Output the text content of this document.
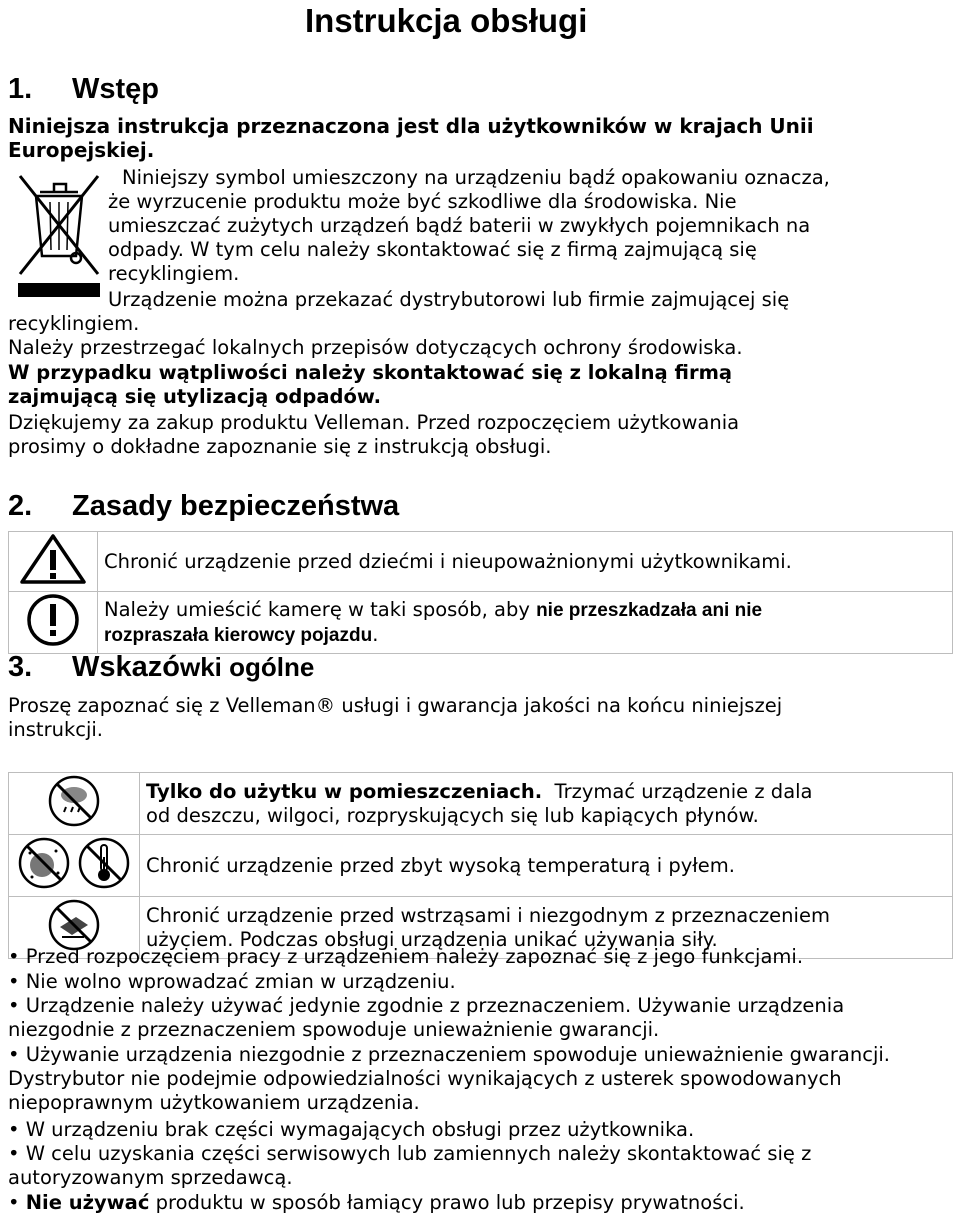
Instrukcja obsługi
1. Wstęp
Niniejsza instrukcja przeznaczona jest dla użytkowników w krajach Unii Europejskiej.
Niniejszy symbol umieszczony na urządzeniu bądź opakowaniu oznacza,
że wyrzucenie produktu może być szkodliwe dla środowiska. Nie
umieszczać zużytych urządzeń bądź baterii w zwykłych pojemnikach na
odpady. W tym celu należy skontaktować się z firmą zajmującą się
recyklingiem.
Urządzenie można przekazać dystrybutorowi lub firmie zajmującej się
recyklingiem.
Należy przestrzegać lokalnych przepisów dotyczących ochrony środowiska.
W przypadku wątpliwości należy skontaktować się z lokalną firmą
zajmującą się utylizacją odpadów.
Dziękujemy za zakup produktu Velleman. Przed rozpoczęciem użytkowania
prosimy o dokładne zapoznanie się z instrukcją obsługi.
2. Zasady bezpieczeństwa
	Chronić urządzenie przed dziećmi i nieupoważnionymi użytkownikami.
	Należy umieścić kamerę w taki sposób, aby nie przeszkadzała ani nie
rozpraszała kierowcy pojazdu.
3. Wskazówki ogólne
Proszę zapoznać się z Velleman® usługi i gwarancja jakości na końcu niniejszej
instrukcji.
	Tylko do użytku w pomieszczeniach. Trzymać urządzenie z dala
od deszczu, wilgoci, rozpryskujących się lub kapiących płynów.
	Chronić urządzenie przed zbyt wysoką temperaturą i pyłem.
	Chronić urządzenie przed wstrząsami i niezgodnym z przeznaczeniem
użyciem. Podczas obsługi urządzenia unikać używania siły.
• Przed rozpoczęciem pracy z urządzeniem należy zapoznać się z jego funkcjami.
• Nie wolno wprowadzać zmian w urządzeniu.
• Urządzenie należy używać jedynie zgodnie z przeznaczeniem. Używanie urządzenia niezgodnie z przeznaczeniem spowoduje unieważnienie gwarancji.
• Używanie urządzenia niezgodnie z przeznaczeniem spowoduje unieważnienie gwarancji. Dystrybutor nie podejmie odpowiedzialności wynikających z usterek spowodowanych niepoprawnym użytkowaniem urządzenia.
• W urządzeniu brak części wymagających obsługi przez użytkownika.
• W celu uzyskania części serwisowych lub zamiennych należy skontaktować się z autoryzowanym sprzedawcą.
• Nie używać produktu w sposób łamiący prawo lub przepisy prywatności.
